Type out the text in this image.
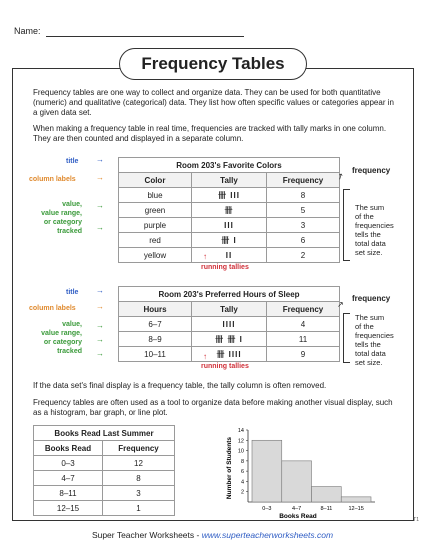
Name:
Frequency Tables
Frequency tables are one way to collect and organize data. They can be used for both quantitative (numeric) and qualitative (categorical) data. They list how often specific values or categories appear in a given data set.
When making a frequency table in real time, frequencies are tracked with tally marks in one column. They are then counted and displayed in a separate column.
title →
column labels	→
value,
value range,
or category
tracked
→
→
Room 203's Favorite Colors		
Color	Tally	Frequency
blue	卌 III	8
green	卌	5
purple	III	3
red	卌 I	6
yellow	II	2
frequency
↗
The sum
of the
frequencies
tells the
total data
set size.
running tallies
↑
title →
column labels	→
value,
value range,
or category
tracked
→
→
→
Room 203's Preferred Hours of Sleep		
Hours	Tally	Frequency
6–7	IIII	4
8–9	卌 卌 I	11
10–11	卌 IIII	9
frequency
↗
The sum
of the
frequencies
tells the
total data
set size.
running tallies
↑
If the data set's final display is a frequency table, the tally column is often removed.
Frequency tables are often used as a tool to organize data before making another visual display, such as a histogram, bar graph, or line plot.
Books Read Last Summer	
Books Read	Frequency
0–3	12
4–7	8
8–11	3
12–15	1
2
4
6
8
10
12
14
0–3	4–7	8–11	12–15
Number of Students
Books Read
Super Teacher Worksheets - www.superteacherworksheets.com
T1
